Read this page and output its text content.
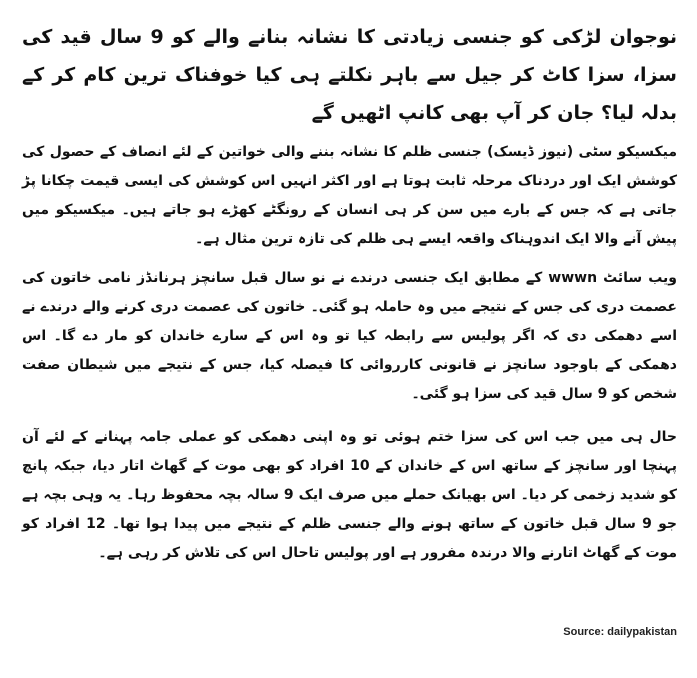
نوجوان لڑکی کو جنسی زیادتی کا نشانہ بنانے والے کو 9 سال قید کی سزا، سزا کاٹ کر جیل سے باہر نکلتے ہی کیا خوفناک ترین کام کر کے بدلہ لیا؟ جان کر آپ بھی کانپ اٹھیں گے
میکسیکو سٹی (نیوز ڈیسک) جنسی ظلم کا نشانہ بننے والی خواتین کے لئے انصاف کے حصول کی کوشش ایک اور دردناک مرحلہ ثابت ہوتا ہے اور اکثر انہیں اس کوشش کی ایسی قیمت چکانا پڑ جاتی ہے کہ جس کے بارے میں سن کر ہی انسان کے رونگٹے کھڑے ہو جاتے ہیں۔ میکسیکو میں پیش آنے والا ایک اندوہناک واقعہ ایسے ہی ظلم کی تازہ ترین مثال ہے۔
ویب سائٹ wwwn کے مطابق ایک جنسی درندے نے نو سال قبل سانچز ہرنانڈز نامی خاتون کی عصمت دری کی جس کے نتیجے میں وہ حاملہ ہو گئی۔ خاتون کی عصمت دری کرنے والے درندے نے اسے دھمکی دی کہ اگر پولیس سے رابطہ کیا تو وہ اس کے سارے خاندان کو مار دے گا۔ اس دھمکی کے باوجود سانچز نے قانونی کارروائی کا فیصلہ کیا، جس کے نتیجے میں شیطان صفت شخص کو 9 سال قید کی سزا ہو گئی۔
حال ہی میں جب اس کی سزا ختم ہوئی تو وہ اپنی دھمکی کو عملی جامہ پہنانے کے لئے آن پہنچا اور سانچز کے ساتھ اس کے خاندان کے 10 افراد کو بھی موت کے گھاٹ اتار دیا، جبکہ پانچ کو شدید زخمی کر دیا۔ اس بھیانک حملے میں صرف ایک 9 سالہ بچہ محفوظ رہا۔ یہ وہی بچہ ہے جو 9 سال قبل خاتون کے ساتھ ہونے والے جنسی ظلم کے نتیجے میں پیدا ہوا تھا۔ 12 افراد کو موت کے گھاٹ اتارنے والا درندہ مفرور ہے اور پولیس تاحال اس کی تلاش کر رہی ہے۔
Source: dailypakistan
